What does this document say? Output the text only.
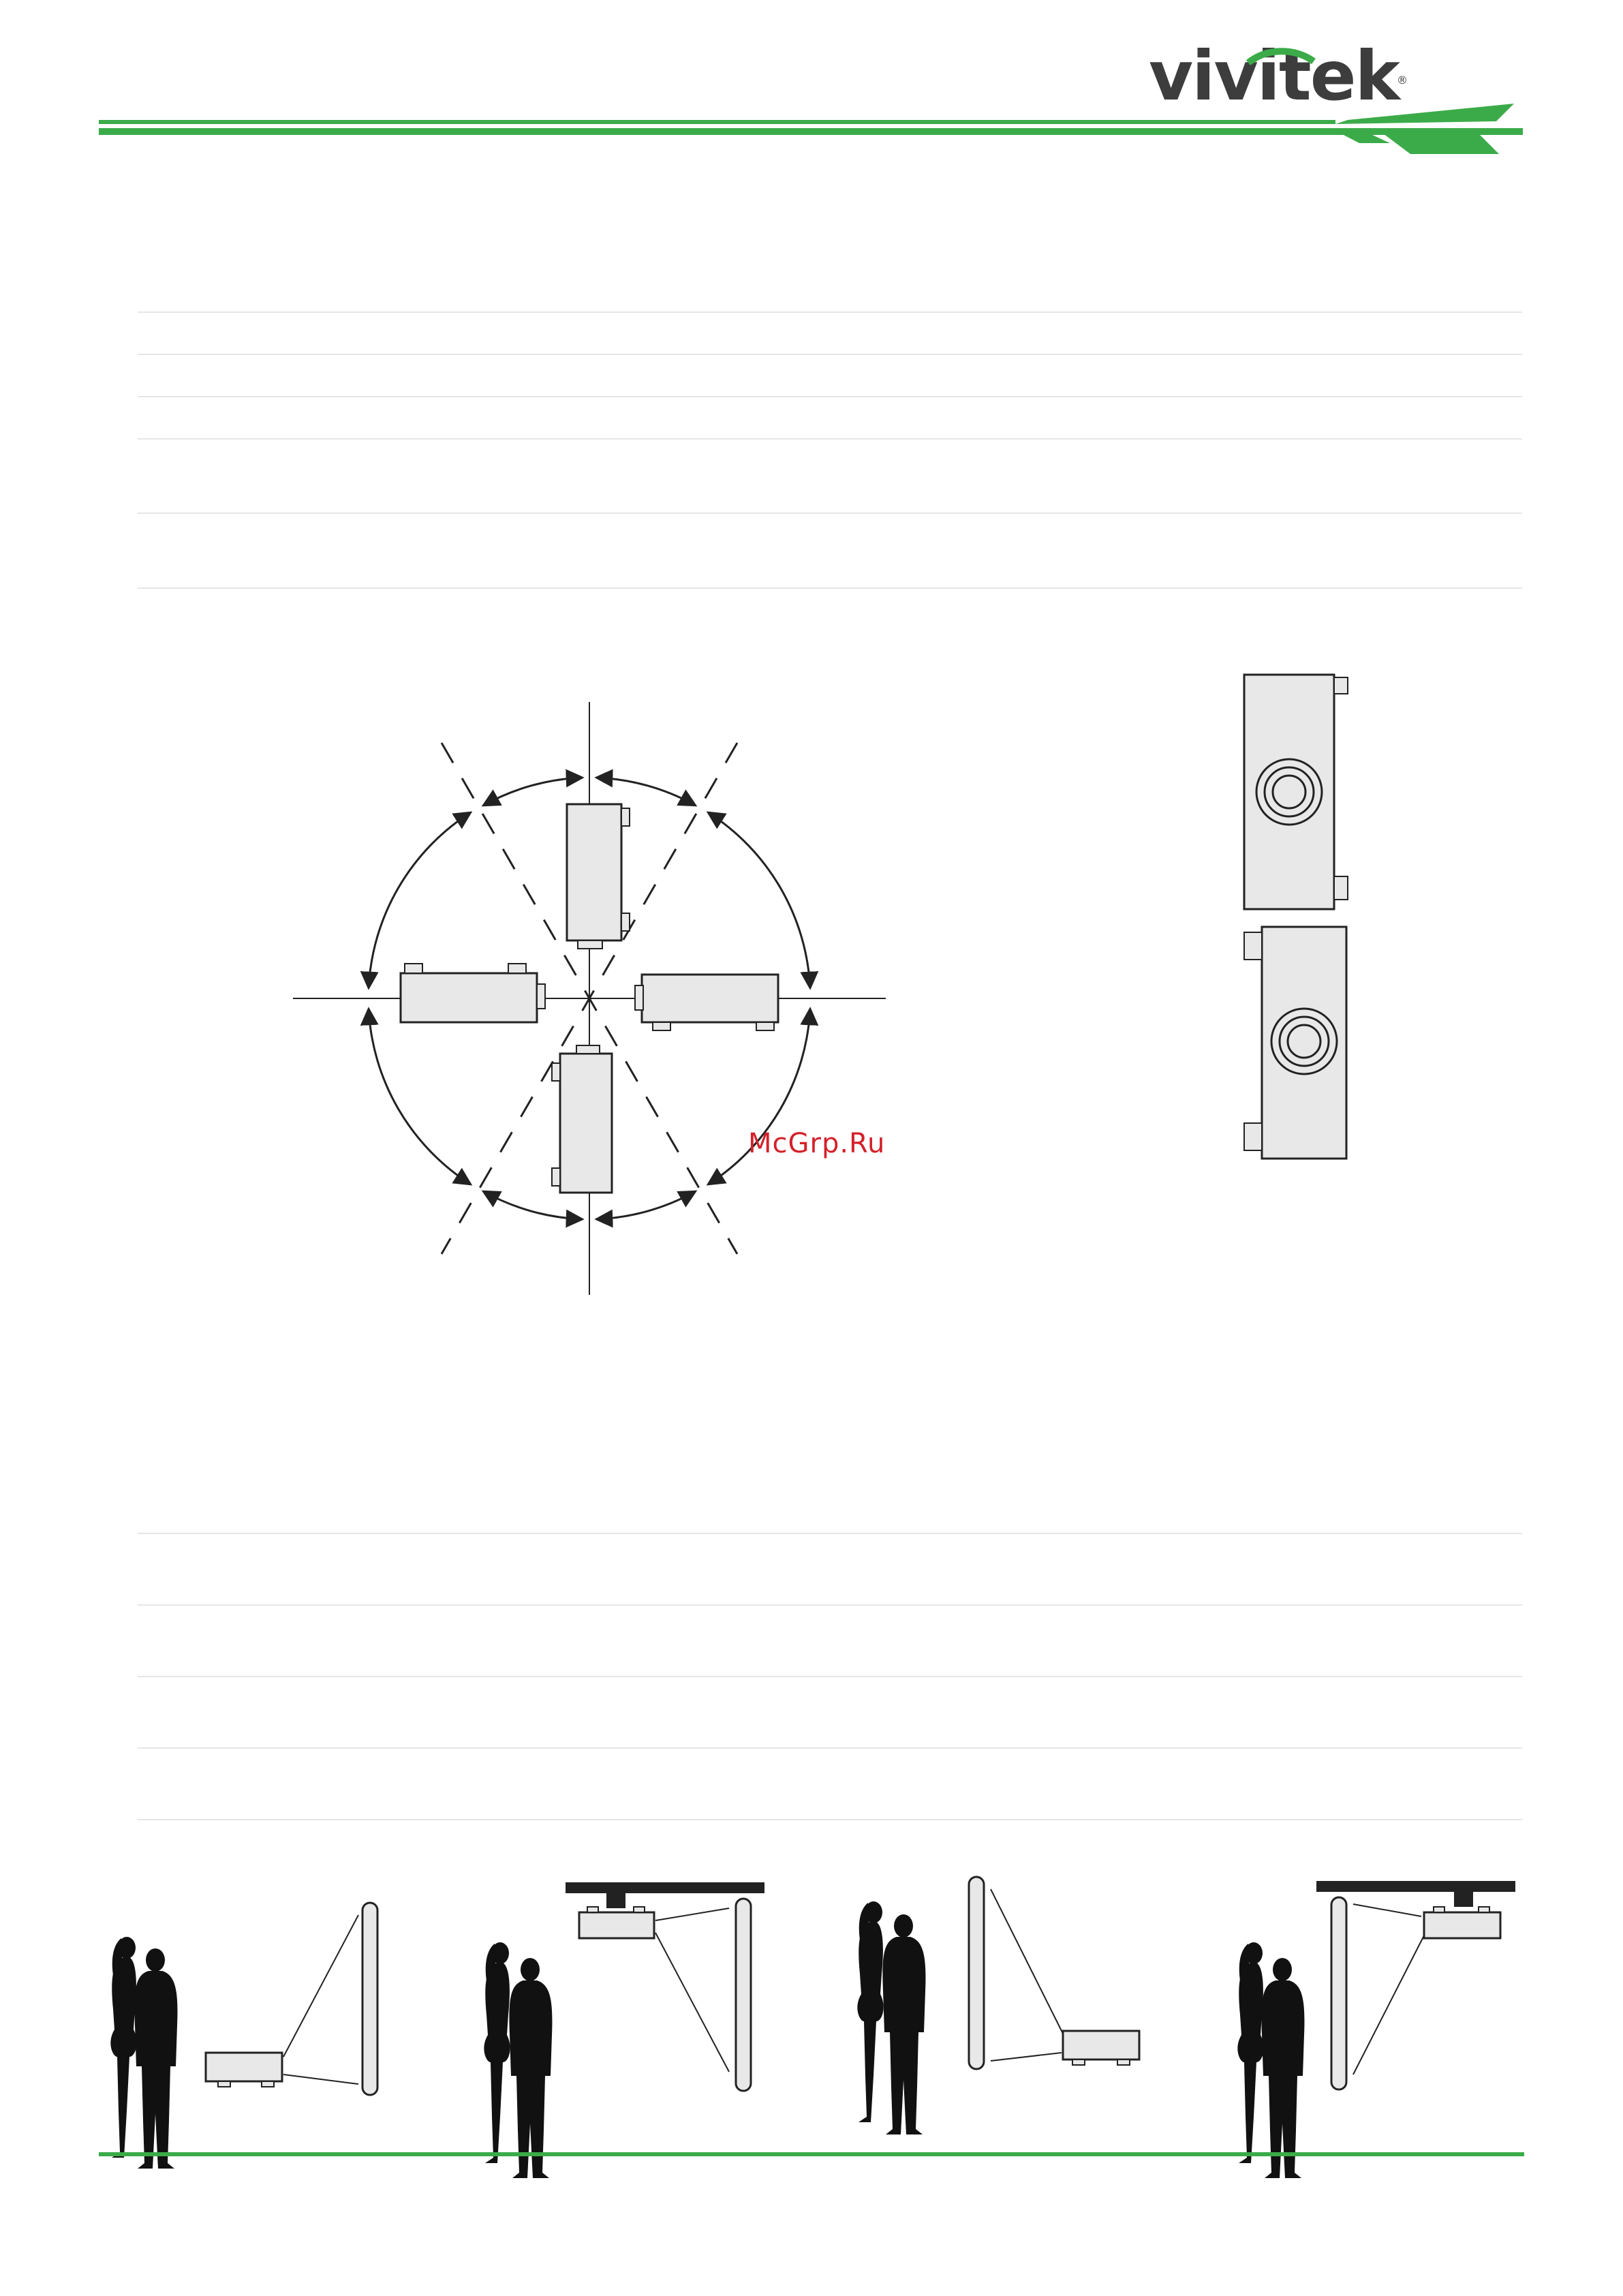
vivitek
®
McGrp.Ru
